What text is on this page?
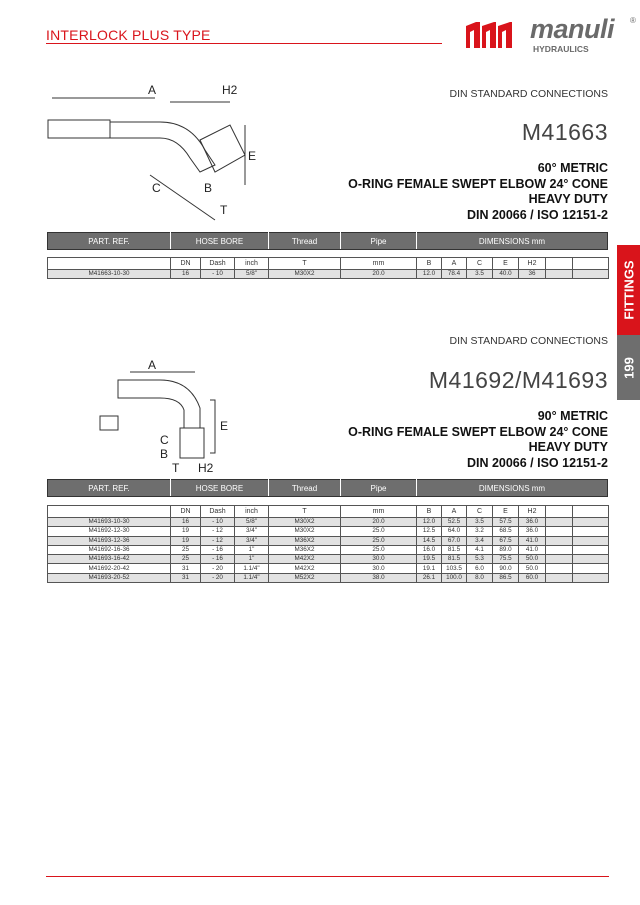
INTERLOCK PLUS TYPE	manuli ®
HYDRAULICS
FITTINGS
199
DIN STANDARD CONNECTIONS
M41663
60° METRIC
O-RING FEMALE SWEPT ELBOW 24° CONE
HEAVY DUTY
DIN 20066 / ISO 12151-2
A	H2
E
C	B
T
PART. REF.	HOSE BORE	Thread	Pipe	DIMENSIONS mm
	DN	Dash	inch	T	mm	B	A	C	E	H2		
M41663-10-30	16	- 10	5/8"	M30X2	20.0	12.0	78.4	3.5	40.0	36		
DIN STANDARD CONNECTIONS
M41692/M41693
90° METRIC
O-RING FEMALE SWEPT ELBOW 24° CONE
HEAVY DUTY
DIN 20066 / ISO 12151-2
A
E
C
B
T H2
PART. REF.	HOSE BORE	Thread	Pipe	DIMENSIONS mm
	DN	Dash	inch	T	mm	B	A	C	E	H2		
M41693-10-30	16	- 10	5/8"	M30X2	20.0	12.0	52.5	3.5	57.5	36.0		
M41692-12-30	19	- 12	3/4"	M30X2	25.0	12.5	64.0	3.2	68.5	36.0		
M41693-12-36	19	- 12	3/4"	M36X2	25.0	14.5	67.0	3.4	67.5	41.0		
M41692-16-36	25	- 16	1"	M36X2	25.0	16.0	81.5	4.1	89.0	41.0		
M41693-16-42	25	- 16	1"	M42X2	30.0	19.5	81.5	5.3	75.5	50.0		
M41692-20-42	31	- 20	1.1/4"	M42X2	30.0	19.1	103.5	6.0	90.0	50.0		
M41693-20-52	31	- 20	1.1/4"	M52X2	38.0	26.1	100.0	8.0	86.5	60.0		
